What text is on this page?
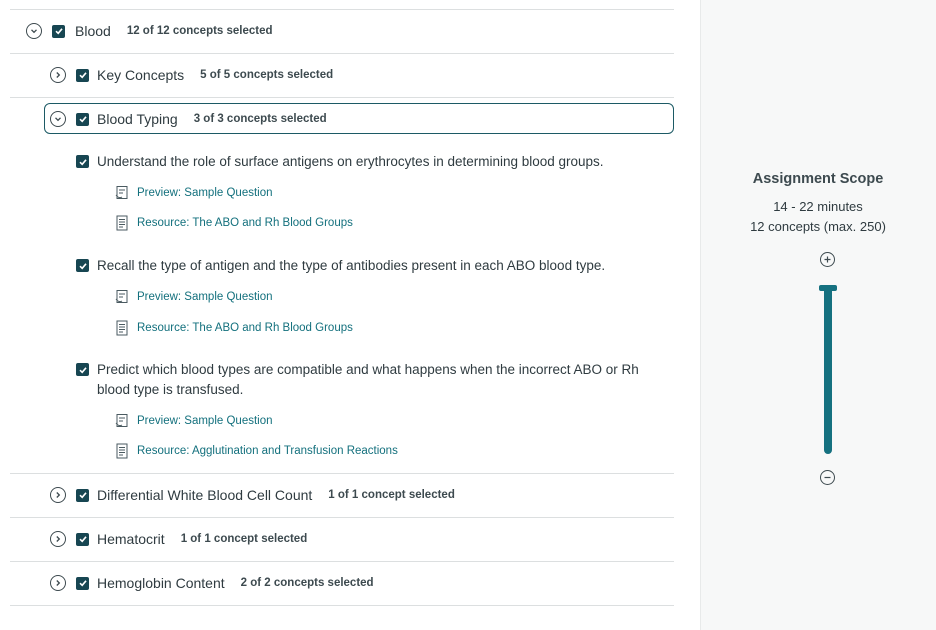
Blood 12 of 12 concepts selected
Key Concepts 5 of 5 concepts selected
Blood Typing 3 of 3 concepts selected
Understand the role of surface antigens on erythrocytes in determining blood groups.
Preview: Sample Question
Resource: The ABO and Rh Blood Groups
Recall the type of antigen and the type of antibodies present in each ABO blood type.
Preview: Sample Question
Resource: The ABO and Rh Blood Groups
Predict which blood types are compatible and what happens when the incorrect ABO or Rh blood type is transfused.
Preview: Sample Question
Resource: Agglutination and Transfusion Reactions
Differential White Blood Cell Count 1 of 1 concept selected
Hematocrit 1 of 1 concept selected
Hemoglobin Content 2 of 2 concepts selected
Assignment Scope
14 - 22 minutes
12 concepts (max. 250)
